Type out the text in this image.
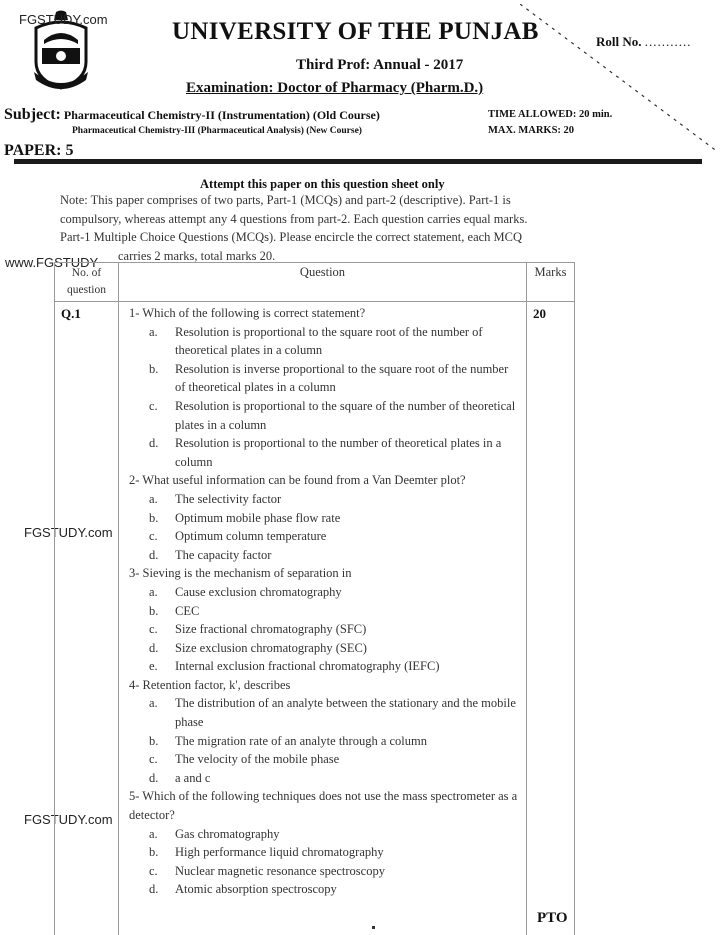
FGSTUDY.com	UNIVERSITY OF THE PUNJAB	Roll No. ...........
Third Prof: Annual - 2017
Examination: Doctor of Pharmacy (Pharm.D.)
Subject: Pharmaceutical Chemistry-II (Instrumentation) (Old Course)
Pharmaceutical Chemistry-III (Pharmaceutical Analysis) (New Course)
TIME ALLOWED: 20 min.
MAX. MARKS: 20
PAPER: 5
Attempt this paper on this question sheet only
Note: This paper comprises of two parts, Part-1 (MCQs) and part-2 (descriptive). Part-1 is
compulsory, whereas attempt any 4 questions from part-2. Each question carries equal marks.
Part-1 Multiple Choice Questions (MCQs). Please encircle the correct statement, each MCQ
carries 2 marks, total marks 20.
www.FGSTUDY
FGSTUDY.com
FGSTUDY.com
No. of question	Question	Marks
Q.1	1- Which of the following is correct statement?
a.	Resolution is proportional to the square root of the number of theoretical plates in a column
b.	Resolution is inverse proportional to the square root of the number of theoretical plates in a column
c.	Resolution is proportional to the square of the number of theoretical plates in a column
d.	Resolution is proportional to the number of theoretical plates in a column
2- What useful information can be found from a Van Deemter plot?
a.	The selectivity factor
b.	Optimum mobile phase flow rate
c.	Optimum column temperature
d.	The capacity factor
3- Sieving is the mechanism of separation in
a.	Cause exclusion chromatography
b.	CEC
c.	Size fractional chromatography (SFC)
d.	Size exclusion chromatography (SEC)
e.	Internal exclusion fractional chromatography (IEFC)
4- Retention factor, k', describes
a.	The distribution of an analyte between the stationary and the mobile phase
b.	The migration rate of an analyte through a column
c.	The velocity of the mobile phase
d.	a and c
5- Which of the following techniques does not use the mass spectrometer as a detector?
a.	Gas chromatography
b.	High performance liquid chromatography
c.	Nuclear magnetic resonance spectroscopy
d.	Atomic absorption spectroscopy
	20
PTO
